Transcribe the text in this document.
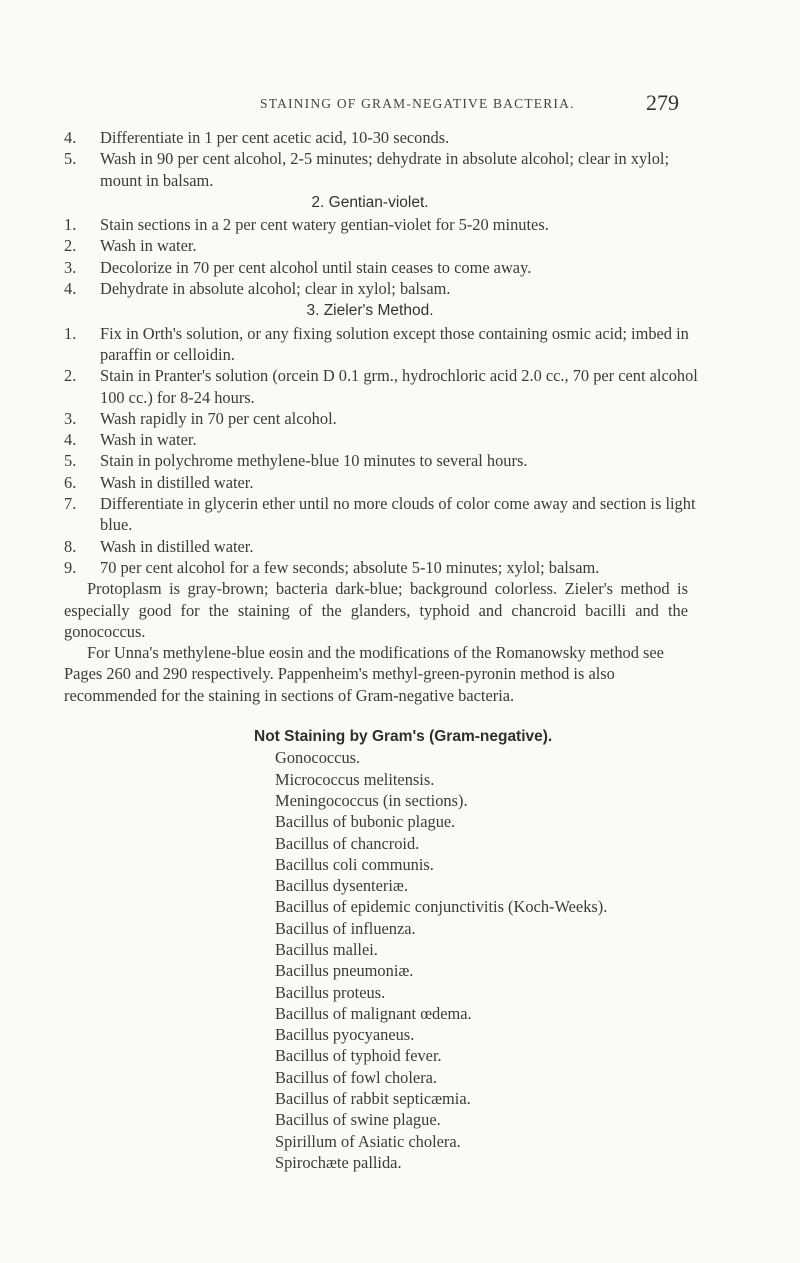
STAINING OF GRAM-NEGATIVE BACTERIA.	279
4. Differentiate in 1 per cent acetic acid, 10-30 seconds.
5. Wash in 90 per cent alcohol, 2-5 minutes; dehydrate in absolute alcohol; clear in xylol; mount in balsam.
2. Gentian-violet.
1. Stain sections in a 2 per cent watery gentian-violet for 5-20 minutes.
2. Wash in water.
3. Decolorize in 70 per cent alcohol until stain ceases to come away.
4. Dehydrate in absolute alcohol; clear in xylol; balsam.
3. Zieler's Method.
1. Fix in Orth's solution, or any fixing solution except those containing osmic acid; imbed in paraffin or celloidin.
2. Stain in Pranter's solution (orcein D 0.1 grm., hydrochloric acid 2.0 cc., 70 per cent alcohol 100 cc.) for 8-24 hours.
3. Wash rapidly in 70 per cent alcohol.
4. Wash in water.
5. Stain in polychrome methylene-blue 10 minutes to several hours.
6. Wash in distilled water.
7. Differentiate in glycerin ether until no more clouds of color come away and section is light blue.
8. Wash in distilled water.
9. 70 per cent alcohol for a few seconds; absolute 5-10 minutes; xylol; balsam.
Protoplasm is gray-brown; bacteria dark-blue; background colorless. Zieler's method is especially good for the staining of the glanders, typhoid and chancroid bacilli and the gonococcus.
For Unna's methylene-blue eosin and the modifications of the Romanowsky method see Pages 260 and 290 respectively. Pappenheim's methyl-green-pyronin method is also recommended for the staining in sections of Gram-negative bacteria.
Not Staining by Gram's (Gram-negative).
Gonococcus.
Micrococcus melitensis.
Meningococcus (in sections).
Bacillus of bubonic plague.
Bacillus of chancroid.
Bacillus coli communis.
Bacillus dysenteriæ.
Bacillus of epidemic conjunctivitis (Koch-Weeks).
Bacillus of influenza.
Bacillus mallei.
Bacillus pneumoniæ.
Bacillus proteus.
Bacillus of malignant œdema.
Bacillus pyocyaneus.
Bacillus of typhoid fever.
Bacillus of fowl cholera.
Bacillus of rabbit septicæmia.
Bacillus of swine plague.
Spirillum of Asiatic cholera.
Spirochæte pallida.
